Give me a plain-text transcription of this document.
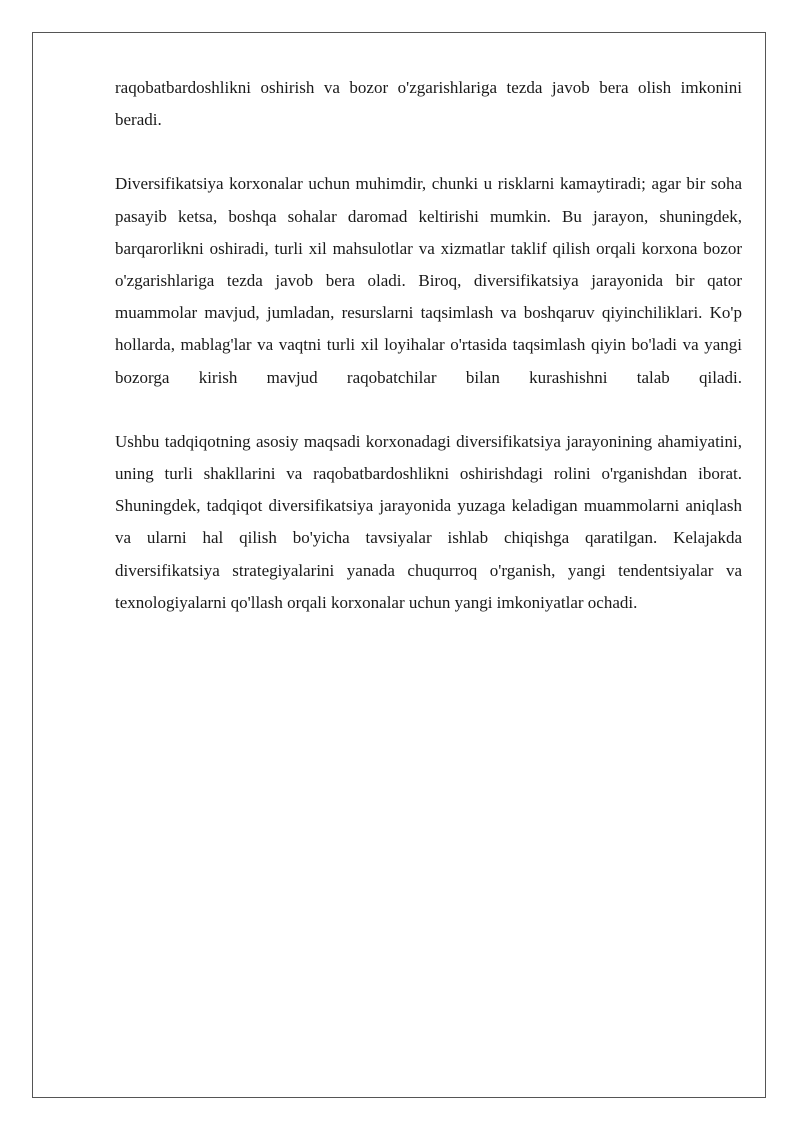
raqobatbardoshlikni oshirish va bozor o'zgarishlariga tezda javob bera olish imkonini beradi.

Diversifikatsiya korxonalar uchun muhimdir, chunki u risklarni kamaytiradi; agar bir soha pasayib ketsa, boshqa sohalar daromad keltirishi mumkin. Bu jarayon, shuningdek, barqarorlikni oshiradi, turli xil mahsulotlar va xizmatlar taklif qilish orqali korxona bozor o'zgarishlariga tezda javob bera oladi. Biroq, diversifikatsiya jarayonida bir qator muammolar mavjud, jumladan, resurslarni taqsimlash va boshqaruv qiyinchiliklari. Ko'p hollarda, mablag'lar va vaqtni turli xil loyihalar o'rtasida taqsimlash qiyin bo'ladi va yangi bozorga kirish mavjud raqobatchilar bilan kurashishni talab qiladi.

Ushbu tadqiqotning asosiy maqsadi korxonadagi diversifikatsiya jarayonining ahamiyatini, uning turli shakllarini va raqobatbardoshlikni oshirishdagi rolini o'rganishdan iborat. Shuningdek, tadqiqot diversifikatsiya jarayonida yuzaga keladigan muammolarni aniqlash va ularni hal qilish bo'yicha tavsiyalar ishlab chiqishga qaratilgan. Kelajakda diversifikatsiya strategiyalarini yanada chuqurroq o'rganish, yangi tendentsiyalar va texnologiyalarni qo'llash orqali korxonalar uchun yangi imkoniyatlar ochadi.
